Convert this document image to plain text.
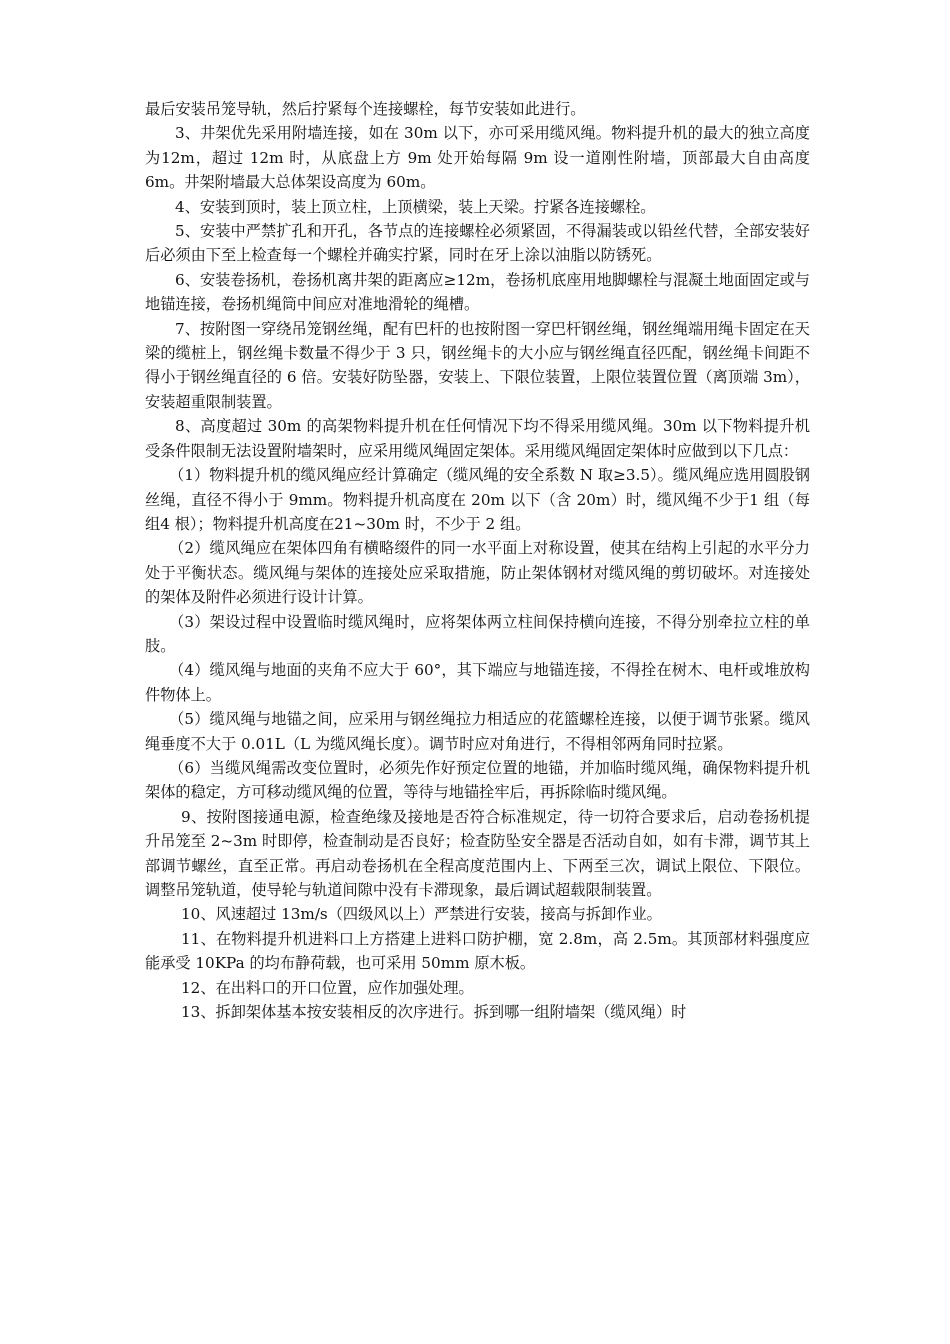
最后安装吊笼导轨，然后拧紧每个连接螺栓，每节安装如此进行。

3、井架优先采用附墙连接，如在 30m 以下，亦可采用缆风绳。物料提升机的最大的独立高度为12m，超过 12m 时，从底盘上方 9m 处开始每隔 9m 设一道刚性附墙，顶部最大自由高度 6m。井架附墙最大总体架设高度为 60m。

4、安装到顶时，装上顶立柱，上顶横梁，装上天梁。拧紧各连接螺栓。

5、安装中严禁扩孔和开孔，各节点的连接螺栓必须紧固，不得漏装或以铅丝代替，全部安装好后必须由下至上检查每一个螺栓并确实拧紧，同时在牙上涂以油脂以防锈死。

6、安装卷扬机，卷扬机离井架的距离应≥12m，卷扬机底座用地脚螺栓与混凝土地面固定或与地锚连接，卷扬机绳筒中间应对准地滑轮的绳槽。

7、按附图一穿绕吊笼钢丝绳，配有巴杆的也按附图一穿巴杆钢丝绳，钢丝绳端用绳卡固定在天梁的缆桩上，钢丝绳卡数量不得少于 3 只，钢丝绳卡的大小应与钢丝绳直径匹配，钢丝绳卡间距不得小于钢丝绳直径的 6 倍。安装好防坠器，安装上、下限位装置，上限位装置位置（离顶端 3m），安装超重限制装置。

8、高度超过 30m 的高架物料提升机在任何情况下均不得采用缆风绳。30m 以下物料提升机受条件限制无法设置附墙架时，应采用缆风绳固定架体。采用缆风绳固定架体时应做到以下几点：

（1）物料提升机的缆风绳应经计算确定（缆风绳的安全系数 N 取≥3.5）。缆风绳应选用圆股钢丝绳，直径不得小于 9mm。物料提升机高度在 20m 以下（含 20m）时，缆风绳不少于1 组（每组4 根）；物料提升机高度在21~30m 时，不少于 2 组。

（2）缆风绳应在架体四角有横略缀件的同一水平面上对称设置，使其在结构上引起的水平分力处于平衡状态。缆风绳与架体的连接处应采取措施，防止架体钢材对缆风绳的剪切破坏。对连接处的架体及附件必须进行设计计算。

（3）架设过程中设置临时缆风绳时，应将架体两立柱间保持横向连接，不得分别牵拉立柱的单肢。

（4）缆风绳与地面的夹角不应大于 60°，其下端应与地锚连接，不得拴在树木、电杆或堆放构件物体上。

（5）缆风绳与地锚之间，应采用与钢丝绳拉力相适应的花篮螺栓连接，以便于调节张紧。缆风绳垂度不大于 0.01L（L 为缆风绳长度）。调节时应对角进行，不得相邻两角同时拉紧。

（6）当缆风绳需改变位置时，必须先作好预定位置的地锚，并加临时缆风绳，确保物料提升机架体的稳定，方可移动缆风绳的位置，等待与地锚拴牢后，再拆除临时缆风绳。

9、按附图接通电源，检查绝缘及接地是否符合标准规定，待一切符合要求后，启动卷扬机提升吊笼至 2~3m 时即停，检查制动是否良好；检查防坠安全器是否活动自如，如有卡滞，调节其上部调节螺丝，直至正常。再启动卷扬机在全程高度范围内上、下两至三次，调试上限位、下限位。调整吊笼轨道，使导轮与轨道间隙中没有卡滞现象，最后调试超载限制装置。

10、风速超过 13m/s（四级风以上）严禁进行安装，接高与拆卸作业。

11、在物料提升机进料口上方搭建上进料口防护棚，宽 2.8m，高 2.5m。其顶部材料强度应能承受 10KPa 的均布静荷载，也可采用 50mm 原木板。

12、在出料口的开口位置，应作加强处理。

13、拆卸架体基本按安装相反的次序进行。拆到哪一组附墙架（缆风绳）时
